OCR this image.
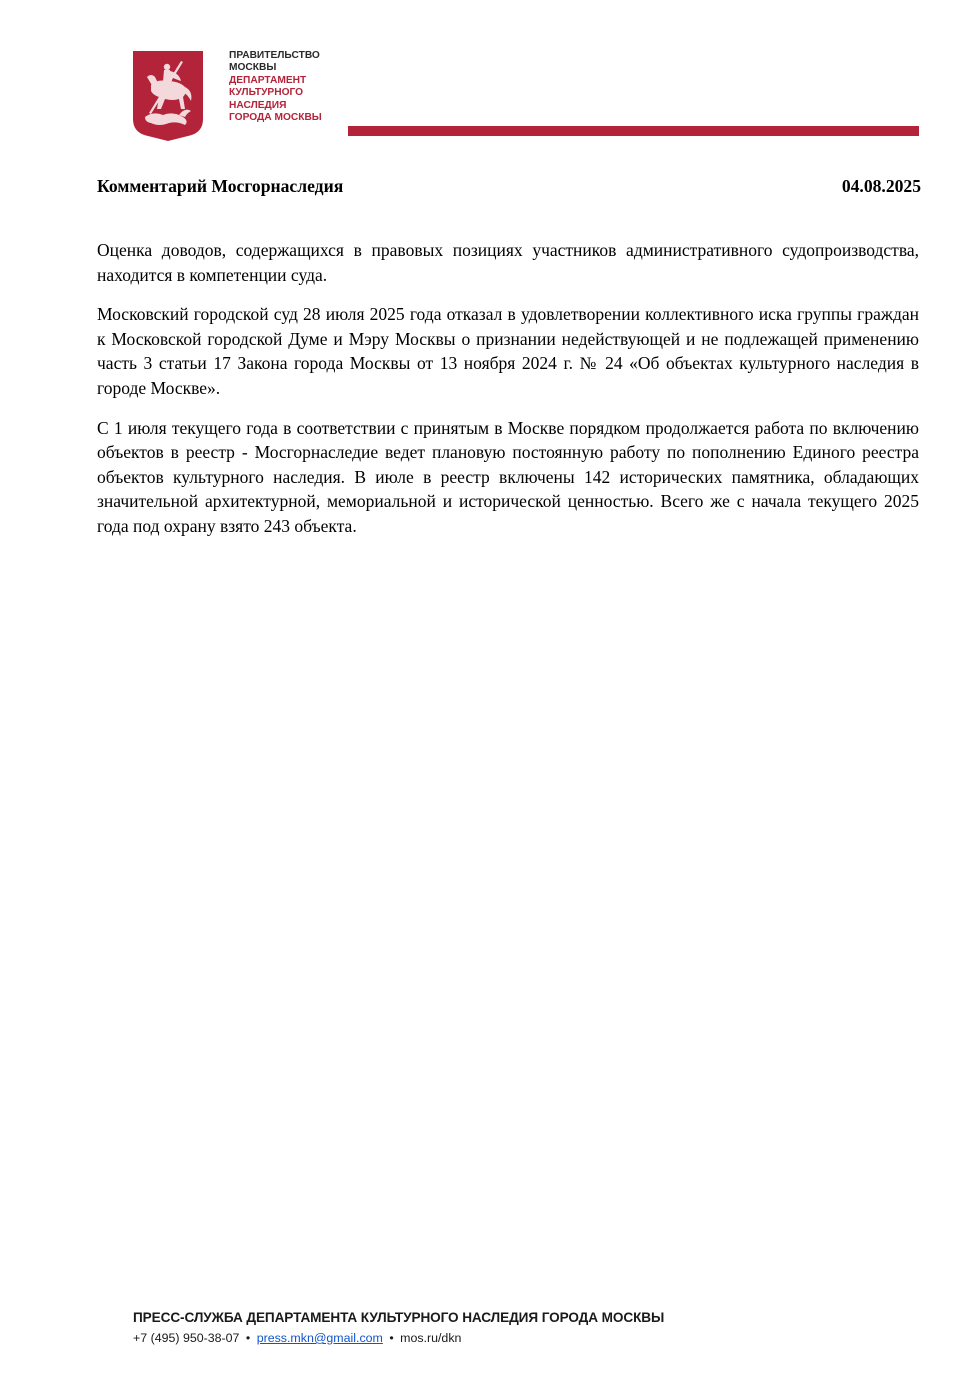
ПРАВИТЕЛЬСТВО
МОСКВЫ
ДЕПАРТАМЕНТ
КУЛЬТУРНОГО
НАСЛЕДИЯ
ГОРОДА МОСКВЫ
Комментарий Мосгорнаследия	04.08.2025

Оценка доводов, содержащихся в правовых позициях участников административного судопроизводства, находится в компетенции суда.

Московский городской суд 28 июля 2025 года отказал в удовлетворении коллективного иска группы граждан к Московской городской Думе и Мэру Москвы о признании недействующей и не подлежащей применению часть 3 статьи 17 Закона города Москвы от 13 ноября 2024 г. № 24 «Об объектах культурного наследия в городе Москве».

С 1 июля текущего года в соответствии с принятым в Москве порядком продолжается работа по включению объектов в реестр - Мосгорнаследие ведет плановую постоянную работу по пополнению Единого реестра объектов культурного наследия. В июле в реестр включены 142 исторических памятника, обладающих значительной архитектурной, мемориальной и исторической ценностью. Всего же с начала текущего 2025 года под охрану взято 243 объекта.

ПРЕСС-СЛУЖБА ДЕПАРТАМЕНТА КУЛЬТУРНОГО НАСЛЕДИЯ ГОРОДА МОСКВЫ
+7 (495) 950-38-07 • press.mkn@gmail.com • mos.ru/dkn
